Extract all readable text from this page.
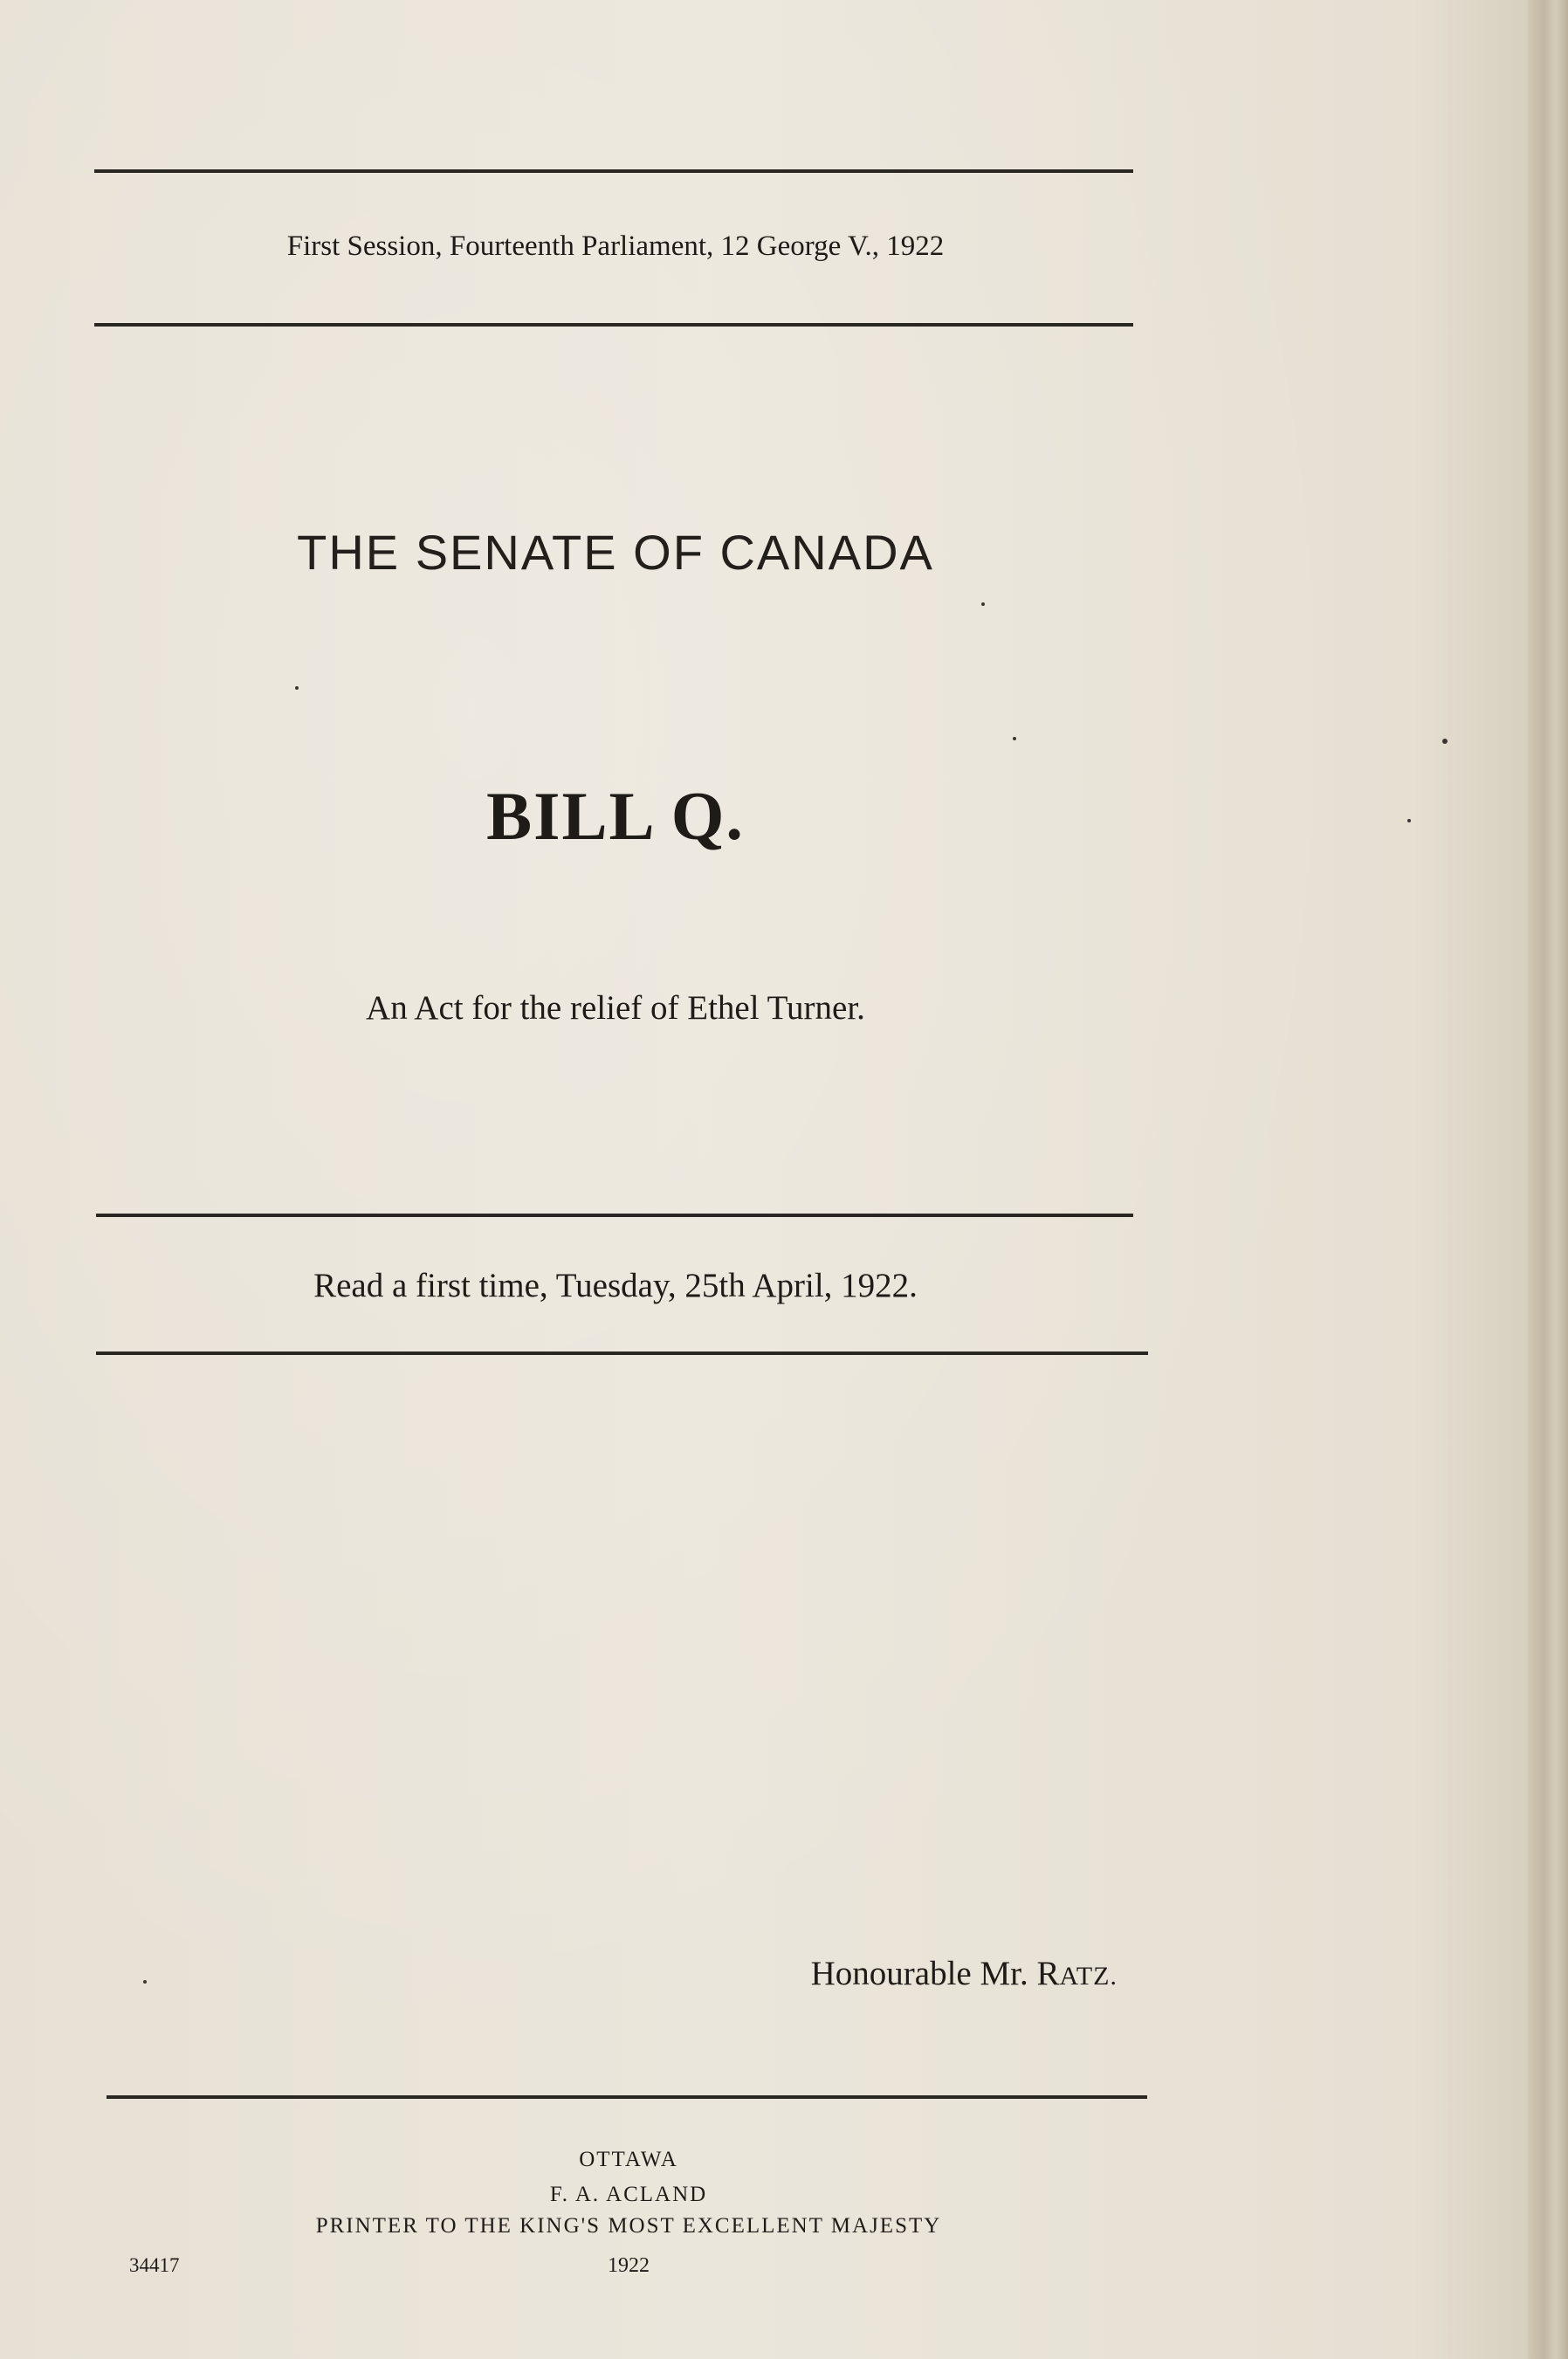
First Session, Fourteenth Parliament, 12 George V., 1922
THE SENATE OF CANADA
BILL Q.
An Act for the relief of Ethel Turner.
Read a first time, Tuesday, 25th April, 1922.
Honourable Mr. RATZ.
OTTAWA
F. A. ACLAND
PRINTER TO THE KING'S MOST EXCELLENT MAJESTY
1922
34417
